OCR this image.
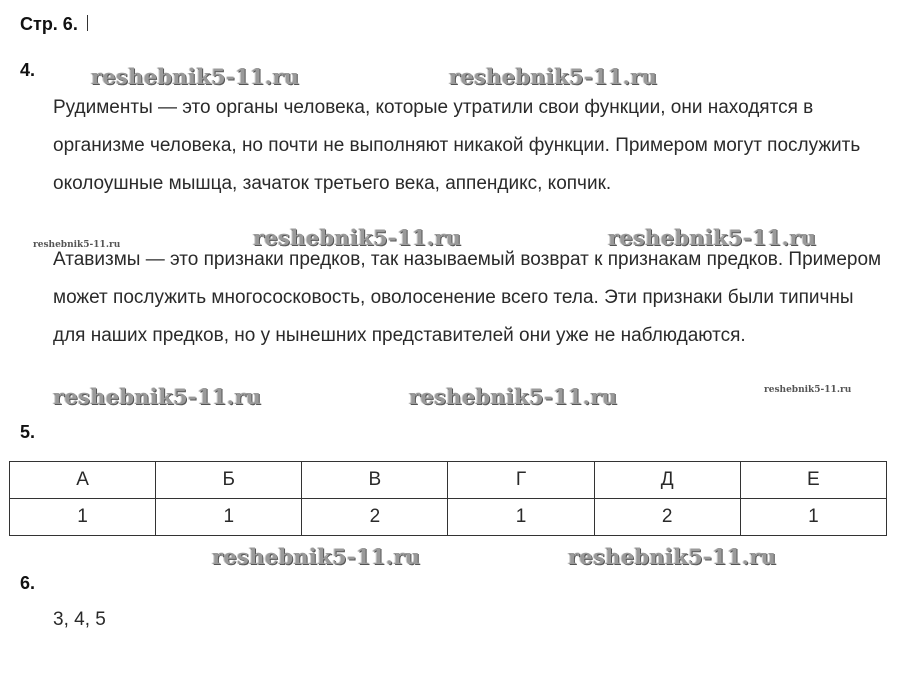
Стр. 6.
4.

Рудименты — это органы человека, которые утратили свои функции, они находятся в организме человека, но почти не выполняют никакой функции. Примером могут послужить околоушные мышца, зачаток третьего века, аппендикс, копчик.

Атавизмы — это признаки предков, так называемый возврат к признакам предков. Примером может послужить многососковость, оволосенение всего тела. Эти признаки были типичны для наших предков, но у нынешних представителей они уже не наблюдаются.

5.
А	Б	В	Г	Д	Е
1	1	2	1	2	1
6.
3, 4, 5
reshebnik5-11.ru	reshebnik5-11.ru
reshebnik5-11.ru	reshebnik5-11.ru	reshebnik5-11.ru
reshebnik5-11.ru	reshebnik5-11.ru	reshebnik5-11.ru
reshebnik5-11.ru	reshebnik5-11.ru
